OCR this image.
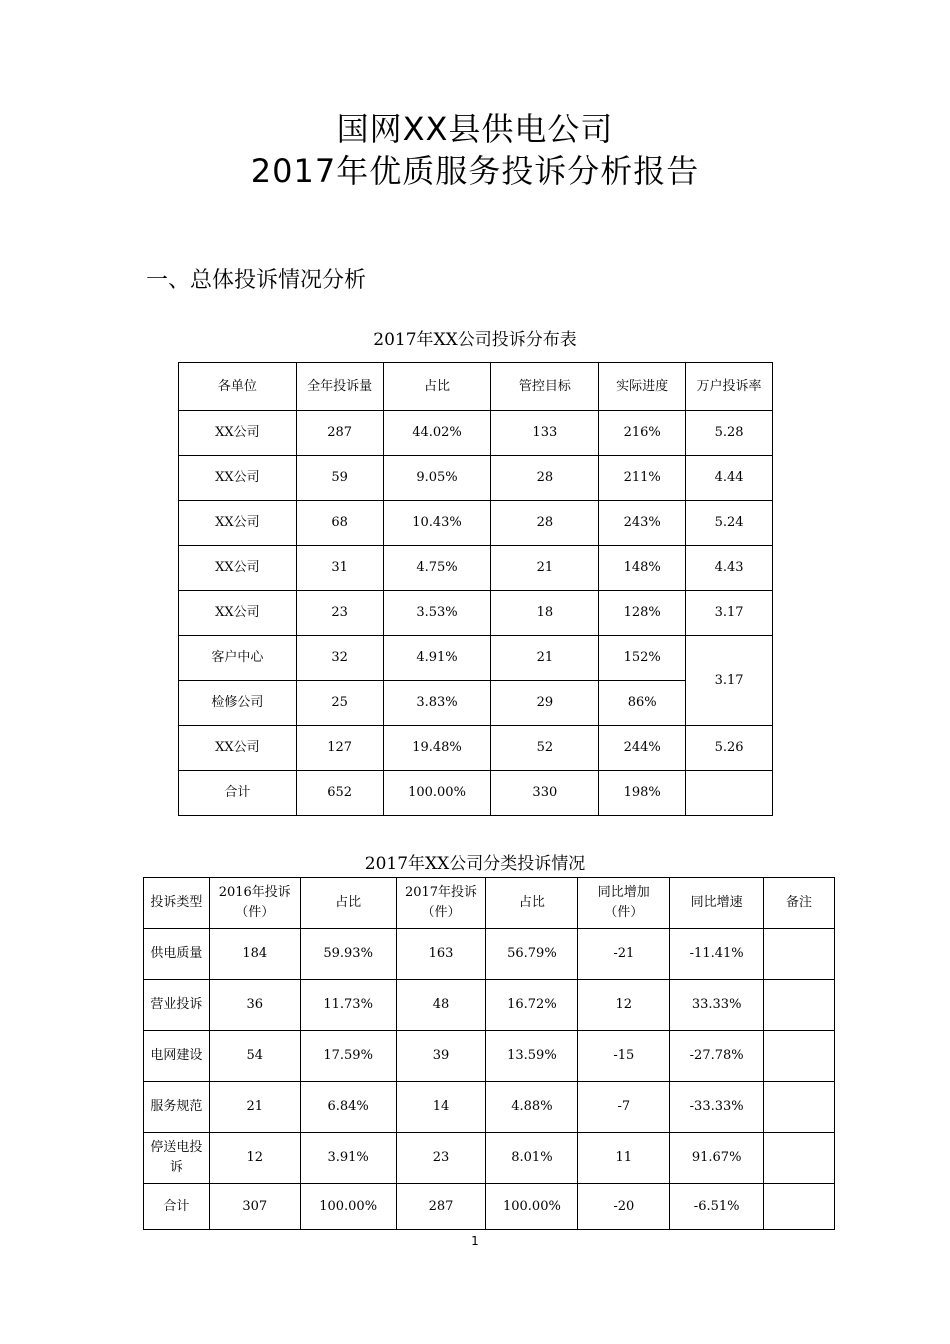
国网XX县供电公司
2017年优质服务投诉分析报告
一、总体投诉情况分析
2017年XX公司投诉分布表
各单位	全年投诉量	占比	管控目标	实际进度	万户投诉率
XX公司	287	44.02%	133	216%	5.28
XX公司	59	9.05%	28	211%	4.44
XX公司	68	10.43%	28	243%	5.24
XX公司	31	4.75%	21	148%	4.43
XX公司	23	3.53%	18	128%	3.17
客户中心	32	4.91%	21	152%	3.17
检修公司	25	3.83%	29	86%	
XX公司	127	19.48%	52	244%	5.26
合计	652	100.00%	330	198%	
2017年XX公司分类投诉情况
投诉类型	2016年投诉（件）	占比	2017年投诉（件）	占比	同比增加（件）	同比增速	备注
供电质量	184	59.93%	163	56.79%	-21	-11.41%	
营业投诉	36	11.73%	48	16.72%	12	33.33%	
电网建设	54	17.59%	39	13.59%	-15	-27.78%	
服务规范	21	6.84%	14	4.88%	-7	-33.33%	
停送电投诉	12	3.91%	23	8.01%	11	91.67%	
合计	307	100.00%	287	100.00%	-20	-6.51%	
1
